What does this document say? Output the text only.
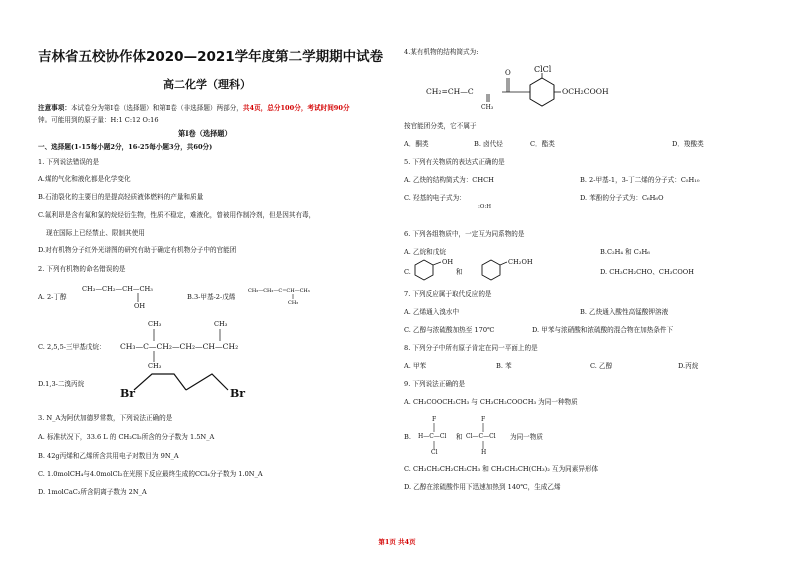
吉林省五校协作体2020—2021学年度第二学期期中试卷
高二化学（理科）
注意事项：本试卷分为第Ⅰ卷（选择题）和第Ⅱ卷（非选择题）两部分，共4页，总分100分，考试时间90分
钟。可能用到的原子量：H:1 C:12 O:16
第Ⅰ卷（选择题）
一、选择题(1-15每小题2分，16-25每小题3分，共60分)
1. 下列说法错误的是
A.煤的气化和液化都是化学变化
B.石油裂化的主要目的是提高轻质液体燃料的产量和质量
C.氟利昂是含有氟和氯的烷烃衍生物，性质不稳定，难液化，曾被用作制冷剂，但是因其有毒，
现在国际上已经禁止、限制其使用
D.对有机物分子红外光谱图的研究有助于确定有机物分子中的官能团
2. 下列有机物的命名错误的是
A. 2-丁醇
CH₃—CH₂—CH—CH₃
OH
B.3-甲基-2-戊烯
CH₃—CH₂—C=CH—CH₃
CH₃
C. 2,5,5-三甲基戊烷：
CH₃	CH₃
CH₃—C—CH₂—CH₂—CH—CH₂
CH₃
D.1,3-二溴丙烷
Br	Br
3. N_A为阿伏加德罗常数，下列说法正确的是
A. 标准状况下，33.6 L 的 CH₂Cl₂所含的分子数为 1.5N_A
B. 42g丙烯和乙烯所含共用电子对数目为 9N_A
C. 1.0molCH₄与4.0molCl₂在光照下反应最终生成的CCl₄分子数为 1.0N_A
D. 1molCaC₂所含阴离子数为 2N_A
4.某有机物的结构简式为:
CH₂=CH—C
CH₃
O	ClCl
OCH₂COOH
按官能团分类，它不属于
A．酮类	B. 卤代烃	C．酯类	D．羧酸类
5. 下列有关物质的表达式正确的是
A. 乙炔的结构简式为：CHCH	B. 2-甲基-1，3-丁二烯的分子式：C₅H₁₀
C. 羟基的电子式为：
:O:H
D. 苯酚的分子式为：C₆H₆O
6. 下列各组物质中，一定互为同系物的是
A. 乙烷和戊烷	B.C₂H₄ 和 C₃H₆
C.
OH
和
CH₂OH
D. CH₃CH₂CHO、CH₃COOH
7. 下列反应属于取代反应的是
A. 乙烯通入溴水中	B. 乙炔通入酸性高锰酸钾溶液
C. 乙醇与浓硫酸加热至 170℃	D. 甲苯与浓硝酸和浓硫酸的混合物在加热条件下
8. 下列分子中所有原子肯定在同一平面上的是
A. 甲苯	B. 苯	C. 乙醇	D.丙烷
9. 下列说法正确的是
A. CH₃COOCH₂CH₃ 与 CH₃CH₂COOCH₃ 为同一种物质
B.
F
H—C—Cl
Cl
和
F
Cl—C—Cl
H
为同一物质
C. CH₃CH₂CH₂CH₂CH₃ 和 CH₃CH₂CH(CH₃)₂ 互为同素异形体
D. 乙醇在浓硫酸作用下迅速加热到 140℃，生成乙烯
第1页 共4页
